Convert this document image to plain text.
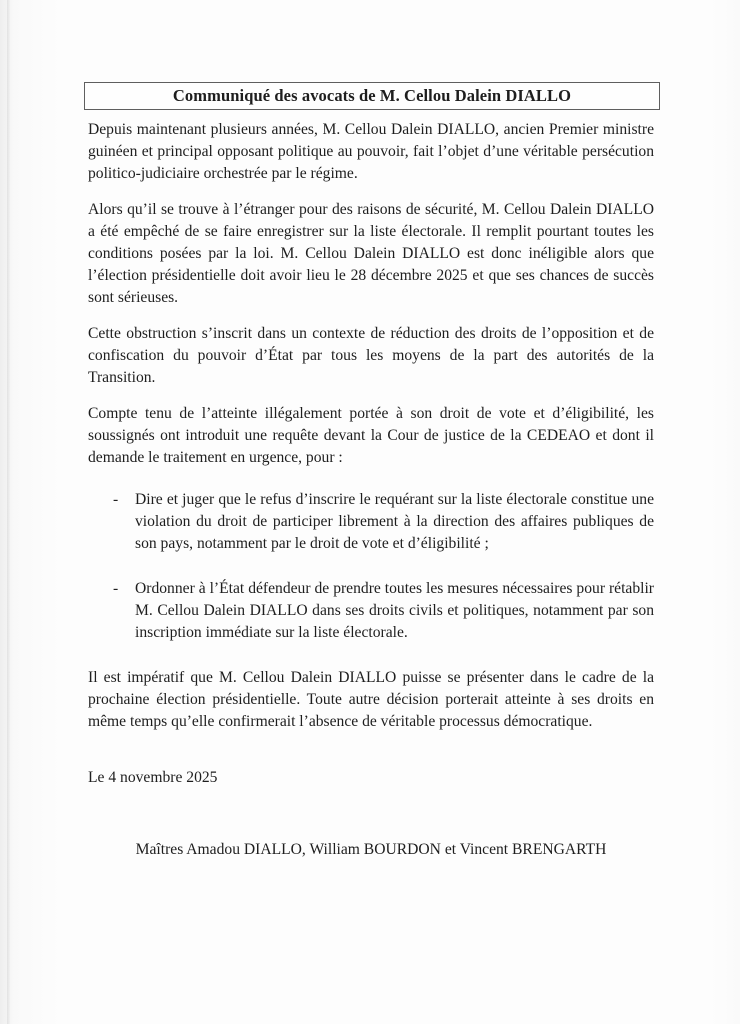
Communiqué des avocats de M. Cellou Dalein DIALLO

Depuis maintenant plusieurs années, M. Cellou Dalein DIALLO, ancien Premier ministre guinéen et principal opposant politique au pouvoir, fait l’objet d’une véritable persécution politico-judiciaire orchestrée par le régime.

Alors qu’il se trouve à l’étranger pour des raisons de sécurité, M. Cellou Dalein DIALLO a été empêché de se faire enregistrer sur la liste électorale. Il remplit pourtant toutes les conditions posées par la loi. M. Cellou Dalein DIALLO est donc inéligible alors que l’élection présidentielle doit avoir lieu le 28 décembre 2025 et que ses chances de succès sont sérieuses.

Cette obstruction s’inscrit dans un contexte de réduction des droits de l’opposition et de confiscation du pouvoir d’État par tous les moyens de la part des autorités de la Transition.

Compte tenu de l’atteinte illégalement portée à son droit de vote et d’éligibilité, les soussignés ont introduit une requête devant la Cour de justice de la CEDEAO et dont il demande le traitement en urgence, pour :

-	Dire et juger que le refus d’inscrire le requérant sur la liste électorale constitue une violation du droit de participer librement à la direction des affaires publiques de son pays, notamment par le droit de vote et d’éligibilité ;
-	Ordonner à l’État défendeur de prendre toutes les mesures nécessaires pour rétablir M. Cellou Dalein DIALLO dans ses droits civils et politiques, notamment par son inscription immédiate sur la liste électorale.

Il est impératif que M. Cellou Dalein DIALLO puisse se présenter dans le cadre de la prochaine élection présidentielle. Toute autre décision porterait atteinte à ses droits en même temps qu’elle confirmerait l’absence de véritable processus démocratique.

Le 4 novembre 2025
Maîtres Amadou DIALLO, William BOURDON et Vincent BRENGARTH
